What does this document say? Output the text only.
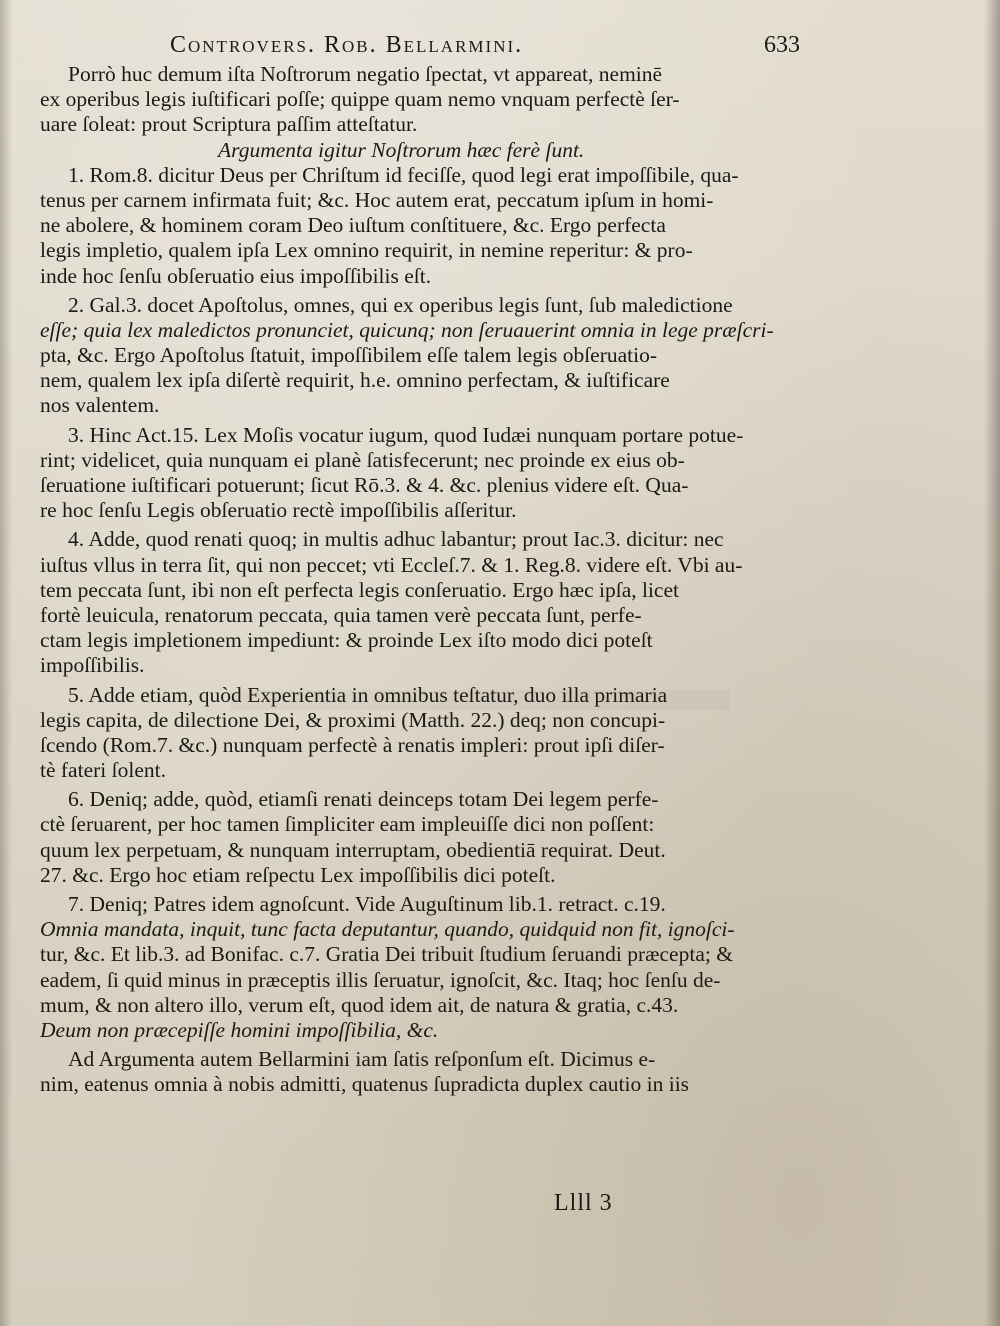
Controvers. Rob. Bellarmini.	633
Porrò huc demum iſta Noſtrorum negatio ſpectat, vt appareat, neminē
ex operibus legis iuſtificari poſſe; quippe quam nemo vnquam perfectè ſer-
uare ſoleat: prout Scriptura paſſim atteſtatur.
Argumenta igitur Noſtrorum hæc ferè ſunt.
1. Rom.8. dicitur Deus per Chriſtum id feciſſe, quod legi erat impoſſibile, qua-
tenus per carnem infirmata fuit; &c. Hoc autem erat, peccatum ipſum in homi-
ne abolere, & hominem coram Deo iuſtum conſtituere, &c. Ergo perfecta
legis impletio, qualem ipſa Lex omnino requirit, in nemine reperitur: & pro-
inde hoc ſenſu obſeruatio eius impoſſibilis eſt.
2. Gal.3. docet Apoſtolus, omnes, qui ex operibus legis ſunt, ſub maledictione
eſſe; quia lex maledictos pronunciet, quicunq; non ſeruauerint omnia in lege præſcri-
pta, &c. Ergo Apoſtolus ſtatuit, impoſſibilem eſſe talem legis obſeruatio-
nem, qualem lex ipſa diſertè requirit, h.e. omnino perfectam, & iuſtificare
nos valentem.
3. Hinc Act.15. Lex Moſis vocatur iugum, quod Iudæi nunquam portare potue-
rint; videlicet, quia nunquam ei planè ſatisfecerunt; nec proinde ex eius ob-
ſeruatione iuſtificari potuerunt; ſicut Rō.3. & 4. &c. plenius videre eſt. Qua-
re hoc ſenſu Legis obſeruatio rectè impoſſibilis aſſeritur.
4. Adde, quod renati quoq; in multis adhuc labantur; prout Iac.3. dicitur: nec
iuſtus vllus in terra ſit, qui non peccet; vti Eccleſ.7. & 1. Reg.8. videre eſt. Vbi au-
tem peccata ſunt, ibi non eſt perfecta legis conſeruatio. Ergo hæc ipſa, licet
fortè leuicula, renatorum peccata, quia tamen verè peccata ſunt, perfe-
ctam legis impletionem impediunt: & proinde Lex iſto modo dici poteſt
impoſſibilis.
5. Adde etiam, quòd Experientia in omnibus teſtatur, duo illa primaria
legis capita, de dilectione Dei, & proximi (Matth. 22.) deq; non concupi-
ſcendo (Rom.7. &c.) nunquam perfectè à renatis impleri: prout ipſi diſer-
tè fateri ſolent.
6. Deniq; adde, quòd, etiamſi renati deinceps totam Dei legem perfe-
ctè ſeruarent, per hoc tamen ſimpliciter eam impleuiſſe dici non poſſent:
quum lex perpetuam, & nunquam interruptam, obedientiā requirat. Deut.
27. &c. Ergo hoc etiam reſpectu Lex impoſſibilis dici poteſt.
7. Deniq; Patres idem agnoſcunt. Vide Auguſtinum lib.1. retract. c.19.
Omnia mandata, inquit, tunc facta deputantur, quando, quidquid non fit, ignoſci-
tur, &c. Et lib.3. ad Bonifac. c.7. Gratia Dei tribuit ſtudium ſeruandi præcepta; &
eadem, ſi quid minus in præceptis illis ſeruatur, ignoſcit, &c. Itaq; hoc ſenſu de-
mum, & non altero illo, verum eſt, quod idem ait, de natura & gratia, c.43.
Deum non præcepiſſe homini impoſſibilia, &c.
Ad Argumenta autem Bellarmini iam ſatis reſponſum eſt. Dicimus e-
nim, eatenus omnia à nobis admitti, quatenus ſupradicta duplex cautio in iis
Llll 3
